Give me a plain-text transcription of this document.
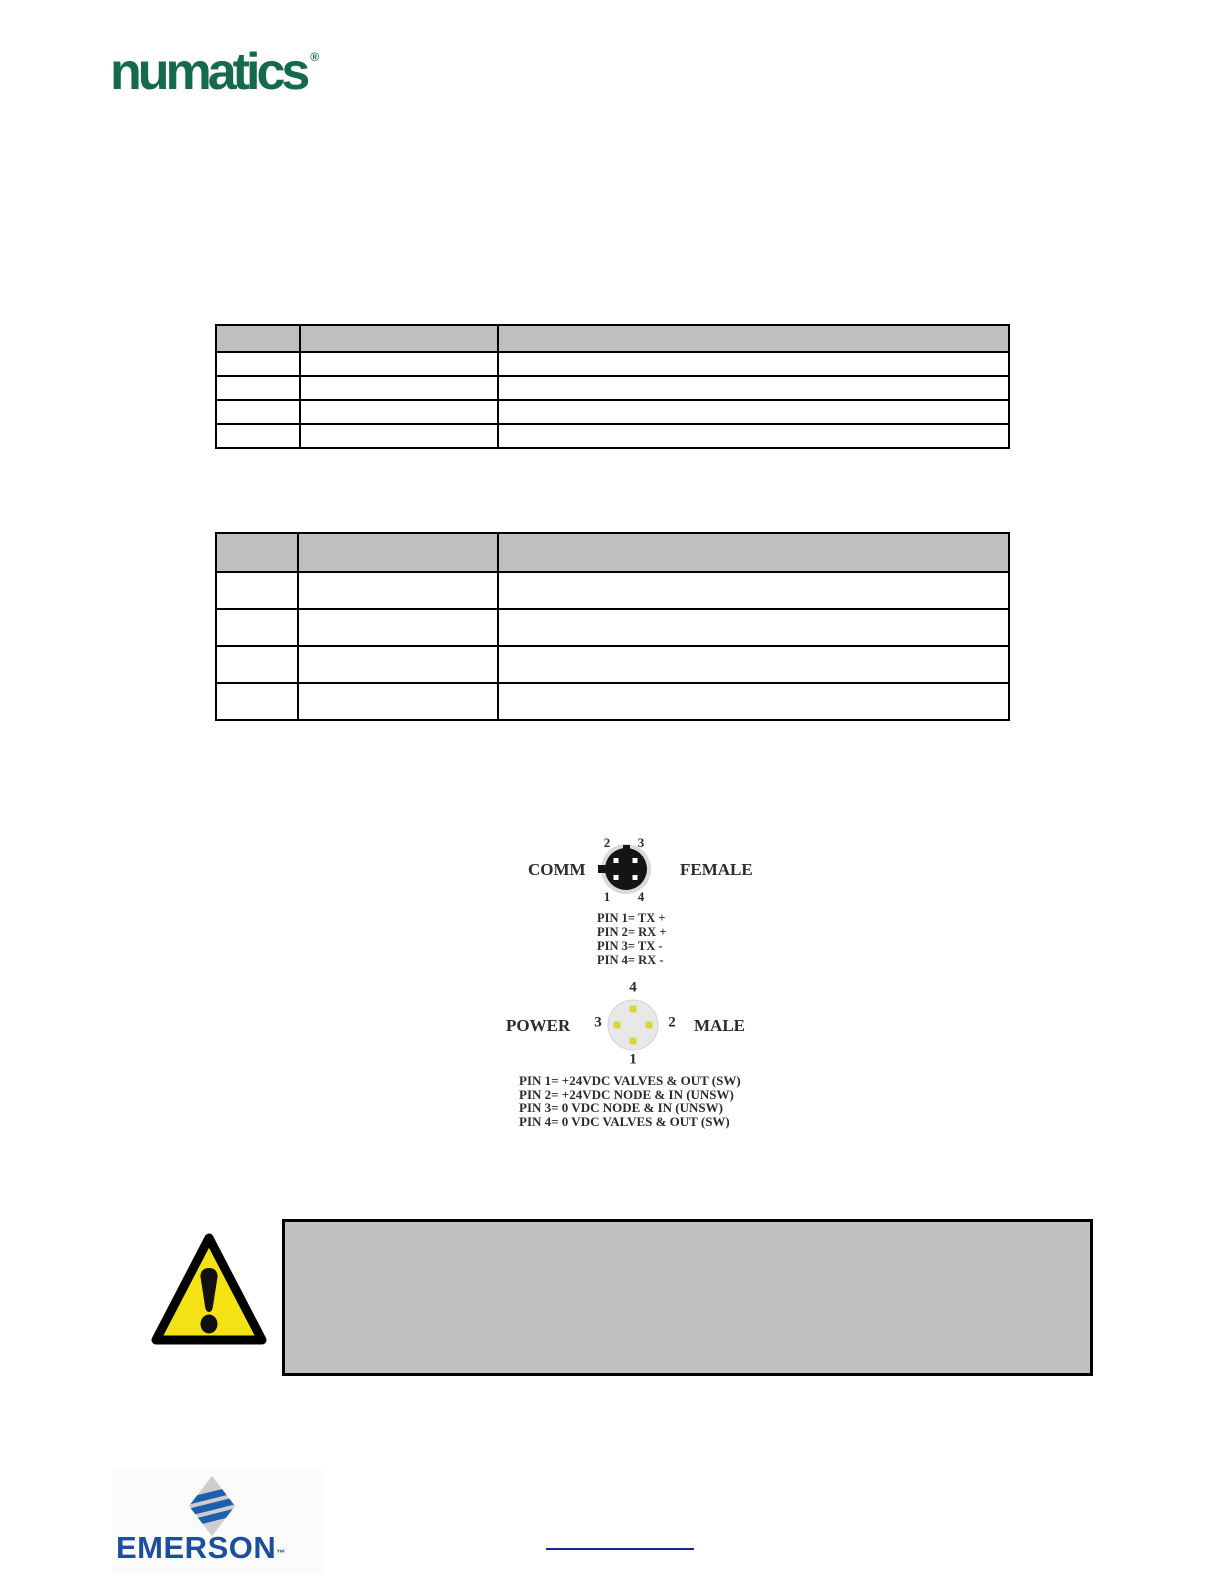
numatics ®

COMM	FEMALE
2 3
1 4
PIN 1= TX +
PIN 2= RX +
PIN 3= TX -
PIN 4= RX -
4
POWER 3	2 MALE
1
PIN 1= +24VDC VALVES & OUT (SW)
PIN 2= +24VDC NODE & IN (UNSW)
PIN 3= 0 VDC NODE & IN (UNSW)
PIN 4= 0 VDC VALVES & OUT (SW)
EMERSON™
